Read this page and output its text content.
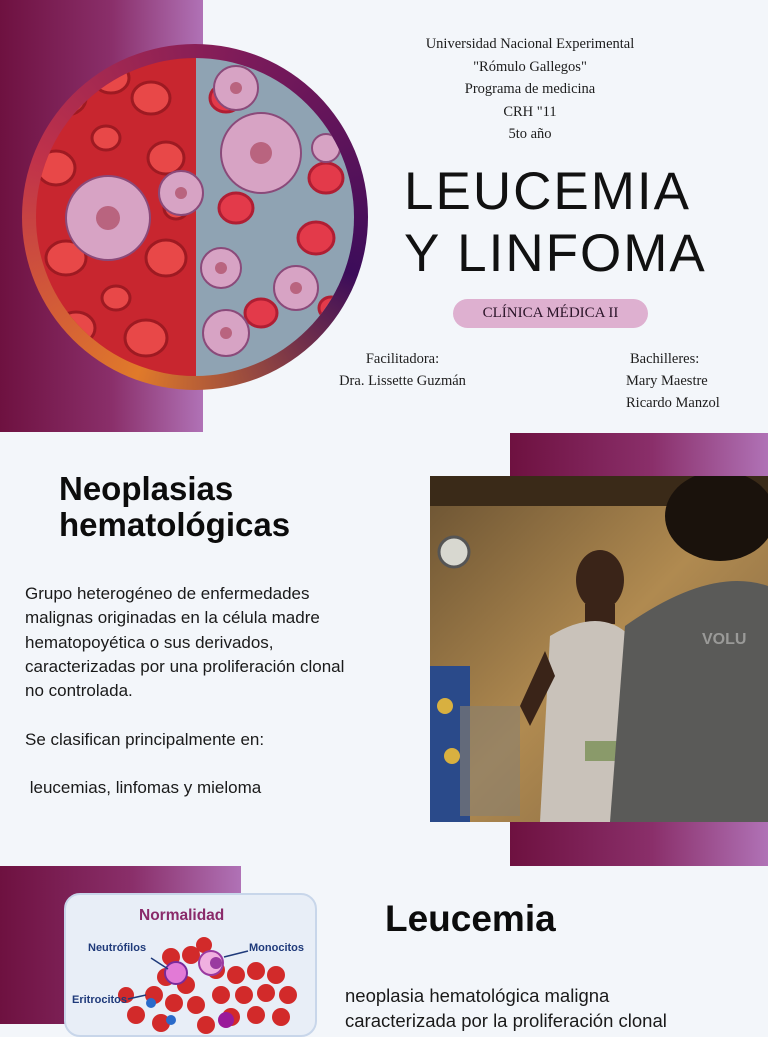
Universidad Nacional Experimental
"Rómulo Gallegos"
Programa de medicina
CRH "11
5to año
LEUCEMIA
Y LINFOMA
CLÍNICA MÉDICA II
Facilitadora:
Dra. Lissette Guzmán
Bachilleres:
Mary Maestre
Ricardo Manzol
Neoplasias
hematológicas
Grupo heterogéneo de enfermedades
malignas originadas en la célula madre
hematopoyética o sus derivados,
caracterizadas por una proliferación clonal
no controlada.
Se clasifican principalmente en:
leucemias, linfomas y mieloma
VOLU
Normalidad
Neutrófilos	Monocitos
Eritrocitos
Leucemia
neoplasia hematológica maligna
caracterizada por la proliferación clonal
